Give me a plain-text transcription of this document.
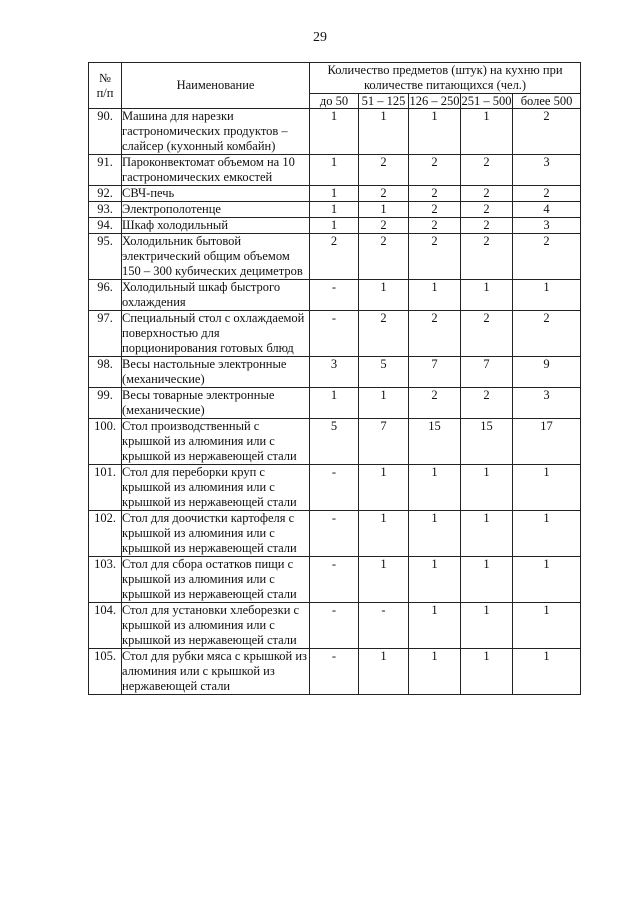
29
№
п/п	Наименование	Количество предметов (штук) на кухню при количестве питающихся (чел.)				
		до 50	51 – 125	126 – 250	251 – 500	более 500
90.	Машина для нарезки гастрономических продуктов – слайсер (кухонный комбайн)	1	1	1	1	2
91.	Пароконвектомат объемом на 10 гастрономических емкостей	1	2	2	2	3
92.	СВЧ-печь	1	2	2	2	2
93.	Электрополотенце	1	1	2	2	4
94.	Шкаф холодильный	1	2	2	2	3
95.	Холодильник бытовой электрический общим объемом 150 – 300 кубических дециметров	2	2	2	2	2
96.	Холодильный шкаф быстрого охлаждения	-	1	1	1	1
97.	Специальный стол с охлаждаемой поверхностью для порционирования готовых блюд	-	2	2	2	2
98.	Весы настольные электронные (механические)	3	5	7	7	9
99.	Весы товарные электронные (механические)	1	1	2	2	3
100.	Стол производственный с крышкой из алюминия или с крышкой из нержавеющей стали	5	7	15	15	17
101.	Стол для переборки круп с крышкой из алюминия или с крышкой из нержавеющей стали	-	1	1	1	1
102.	Стол для доочистки картофеля с крышкой из алюминия или с крышкой из нержавеющей стали	-	1	1	1	1
103.	Стол для сбора остатков пищи с крышкой из алюминия или с крышкой из нержавеющей стали	-	1	1	1	1
104.	Стол для установки хлеборезки с крышкой из алюминия или с крышкой из нержавеющей стали	-	-	1	1	1
105.	Стол для рубки мяса с крышкой из алюминия или с крышкой из нержавеющей стали	-	1	1	1	1
